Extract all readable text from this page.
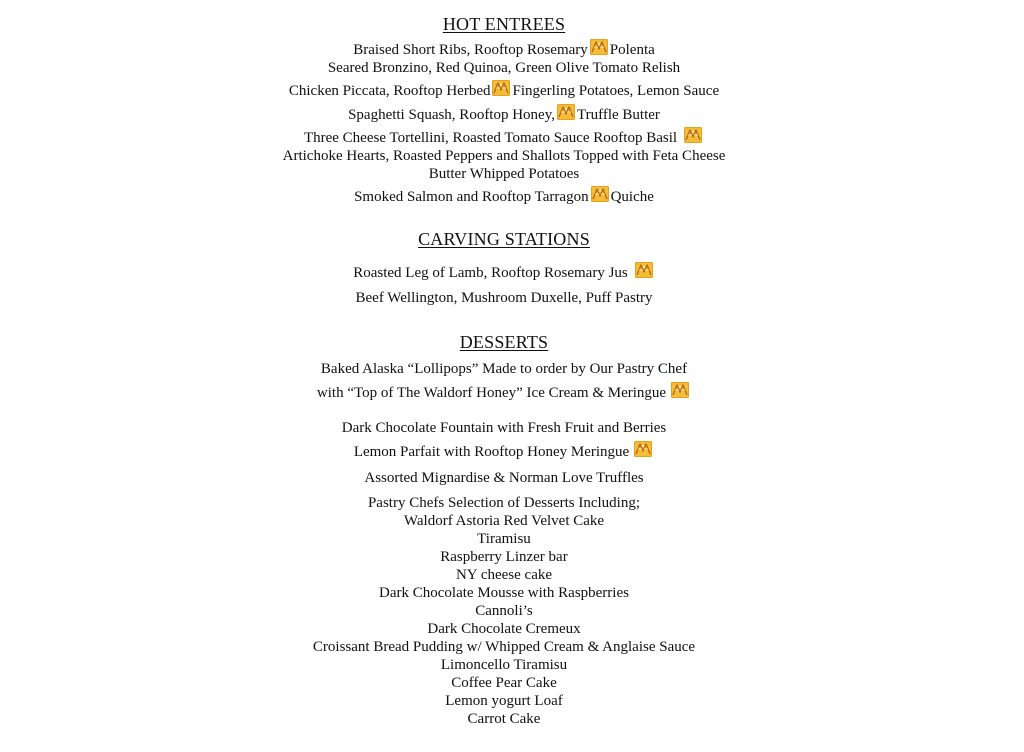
HOT ENTREES
Braised Short Ribs, Rooftop Rosemary Polenta
Seared Bronzino, Red Quinoa, Green Olive Tomato Relish
Chicken Piccata, Rooftop Herbed Fingerling Potatoes, Lemon Sauce
Spaghetti Squash, Rooftop Honey, Truffle Butter
Three Cheese Tortellini, Roasted Tomato Sauce Rooftop Basil
Artichoke Hearts, Roasted Peppers and Shallots Topped with Feta Cheese
Butter Whipped Potatoes
Smoked Salmon and Rooftop Tarragon Quiche
CARVING STATIONS
Roasted Leg of Lamb, Rooftop Rosemary Jus
Beef Wellington, Mushroom Duxelle, Puff Pastry
DESSERTS
Baked Alaska “Lollipops” Made to order by Our Pastry Chef
with “Top of The Waldorf Honey” Ice Cream & Meringue
Dark Chocolate Fountain with Fresh Fruit and Berries
Lemon Parfait with Rooftop Honey Meringue
Assorted Mignardise & Norman Love Truffles
Pastry Chefs Selection of Desserts Including;
Waldorf Astoria Red Velvet Cake
Tiramisu
Raspberry Linzer bar
NY cheese cake
Dark Chocolate Mousse with Raspberries
Cannoli’s
Dark Chocolate Cremeux
Croissant Bread Pudding w/ Whipped Cream & Anglaise Sauce
Limoncello Tiramisu
Coffee Pear Cake
Lemon yogurt Loaf
Carrot Cake
